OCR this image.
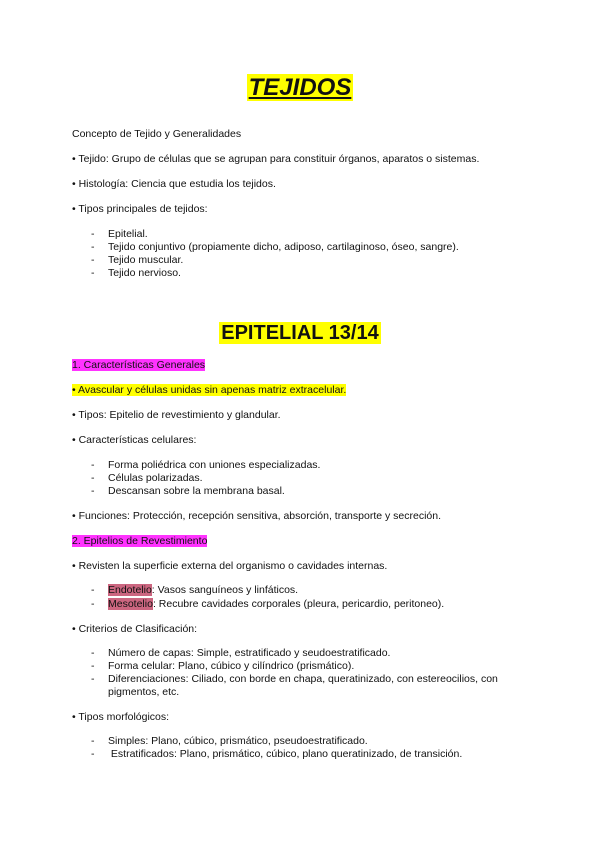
TEJIDOS
Concepto de Tejido y Generalidades
• Tejido: Grupo de células que se agrupan para constituir órganos, aparatos o sistemas.
• Histología: Ciencia que estudia los tejidos.
• Tipos principales de tejidos:
- Epitelial.
- Tejido conjuntivo (propiamente dicho, adiposo, cartilaginoso, óseo, sangre).
- Tejido muscular.
- Tejido nervioso.
EPITELIAL 13/14
1. Características Generales
• Avascular y células unidas sin apenas matriz extracelular.
• Tipos: Epitelio de revestimiento y glandular.
• Características celulares:
- Forma poliédrica con uniones especializadas.
- Células polarizadas.
- Descansan sobre la membrana basal.
• Funciones: Protección, recepción sensitiva, absorción, transporte y secreción.
2. Epitelios de Revestimiento
• Revisten la superficie externa del organismo o cavidades internas.
- Endotelio: Vasos sanguíneos y linfáticos.
- Mesotelio: Recubre cavidades corporales (pleura, pericardio, peritoneo).
• Criterios de Clasificación:
- Número de capas: Simple, estratificado y seudoestratificado.
- Forma celular: Plano, cúbico y cilíndrico (prismático).
- Diferenciaciones: Ciliado, con borde en chapa, queratinizado, con estereocilios, con
pigmentos, etc.
• Tipos morfológicos:
- Simples: Plano, cúbico, prismático, pseudoestratificado.
- Estratificados: Plano, prismático, cúbico, plano queratinizado, de transición.
